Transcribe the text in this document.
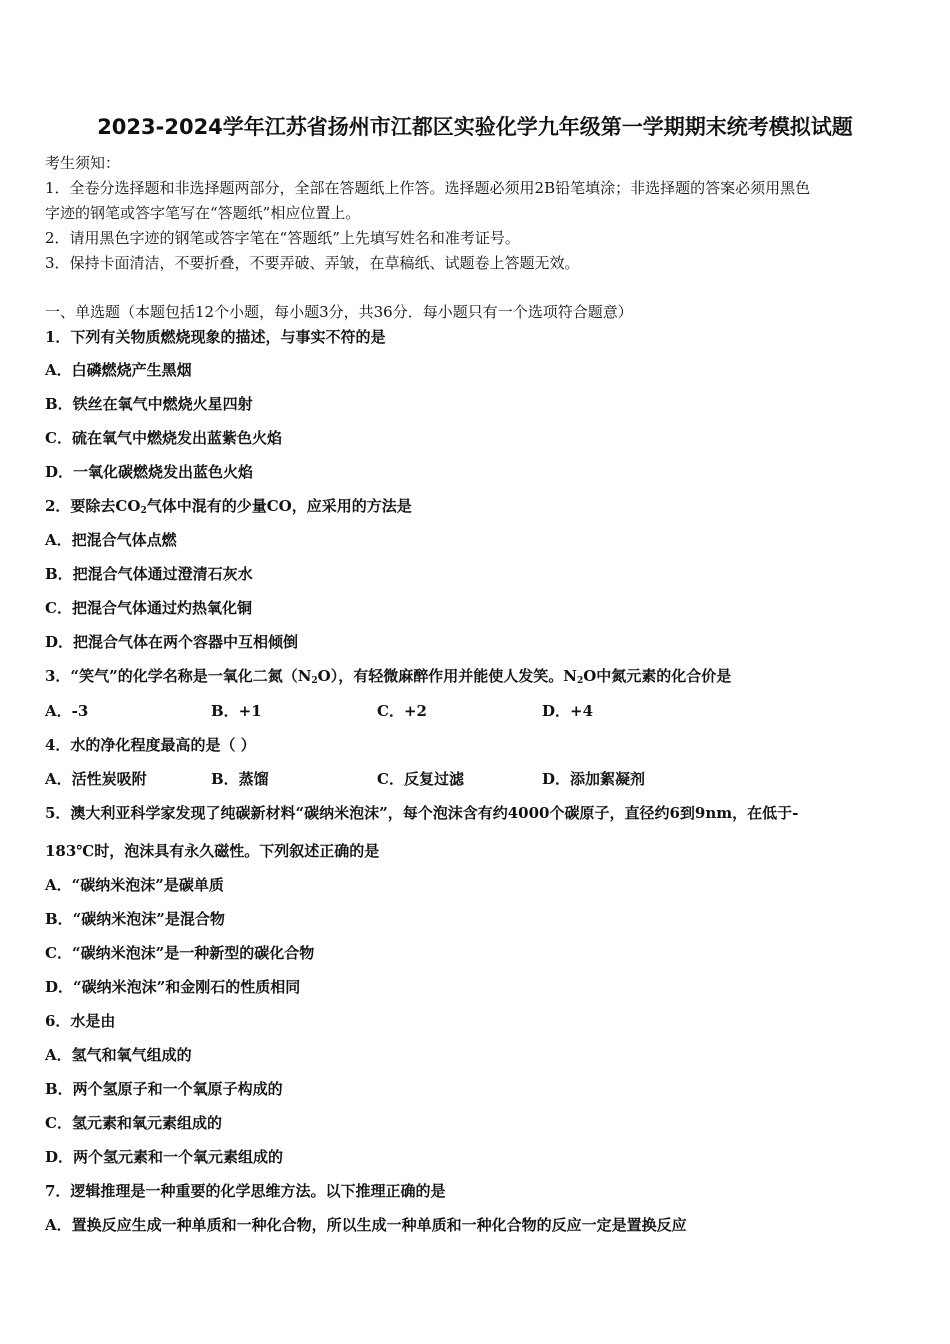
2023-2024学年江苏省扬州市江都区实验化学九年级第一学期期末统考模拟试题
考生须知：
1．全卷分选择题和非选择题两部分，全部在答题纸上作答。选择题必须用2B铅笔填涂；非选择题的答案必须用黑色
字迹的钢笔或答字笔写在“答题纸”相应位置上。
2．请用黑色字迹的钢笔或答字笔在“答题纸”上先填写姓名和准考证号。
3．保持卡面清洁，不要折叠，不要弄破、弄皱，在草稿纸、试题卷上答题无效。
一、单选题（本题包括12个小题，每小题3分，共36分．每小题只有一个选项符合题意）
1．下列有关物质燃烧现象的描述，与事实不符的是
A．白磷燃烧产生黑烟
B．铁丝在氧气中燃烧火星四射
C．硫在氧气中燃烧发出蓝紫色火焰
D．一氧化碳燃烧发出蓝色火焰
2．要除去$CO_2$气体中混有的少量CO，应采用的方法是
A．把混合气体点燃
B．把混合气体通过澄清石灰水
C．把混合气体通过灼热氧化铜
D．把混合气体在两个容器中互相倾倒
3．“笑气”的化学名称是一氧化二氮$(N_2O)$，有轻微麻醉作用并能使人发笑。$N_2O$中氮元素的化合价是
A．-3	B．+1	C．+2	D．+4
4．水的净化程度最高的是（ ）
A．活性炭吸附	B．蒸馏	C．反复过滤	D．添加絮凝剂
5．澳大利亚科学家发现了纯碳新材料“碳纳米泡沫”，每个泡沫含有约4000个碳原子，直径约6到9nm，在低于-
183℃时，泡沫具有永久磁性。下列叙述正确的是
A．“碳纳米泡沫”是碳单质
B．“碳纳米泡沫”是混合物
C．“碳纳米泡沫”是一种新型的碳化合物
D．“碳纳米泡沫”和金刚石的性质相同
6．水是由
A．氢气和氧气组成的
B．两个氢原子和一个氧原子构成的
C．氢元素和氧元素组成的
D．两个氢元素和一个氧元素组成的
7．逻辑推理是一种重要的化学思维方法。以下推理正确的是
A．置换反应生成一种单质和一种化合物，所以生成一种单质和一种化合物的反应一定是置换反应
